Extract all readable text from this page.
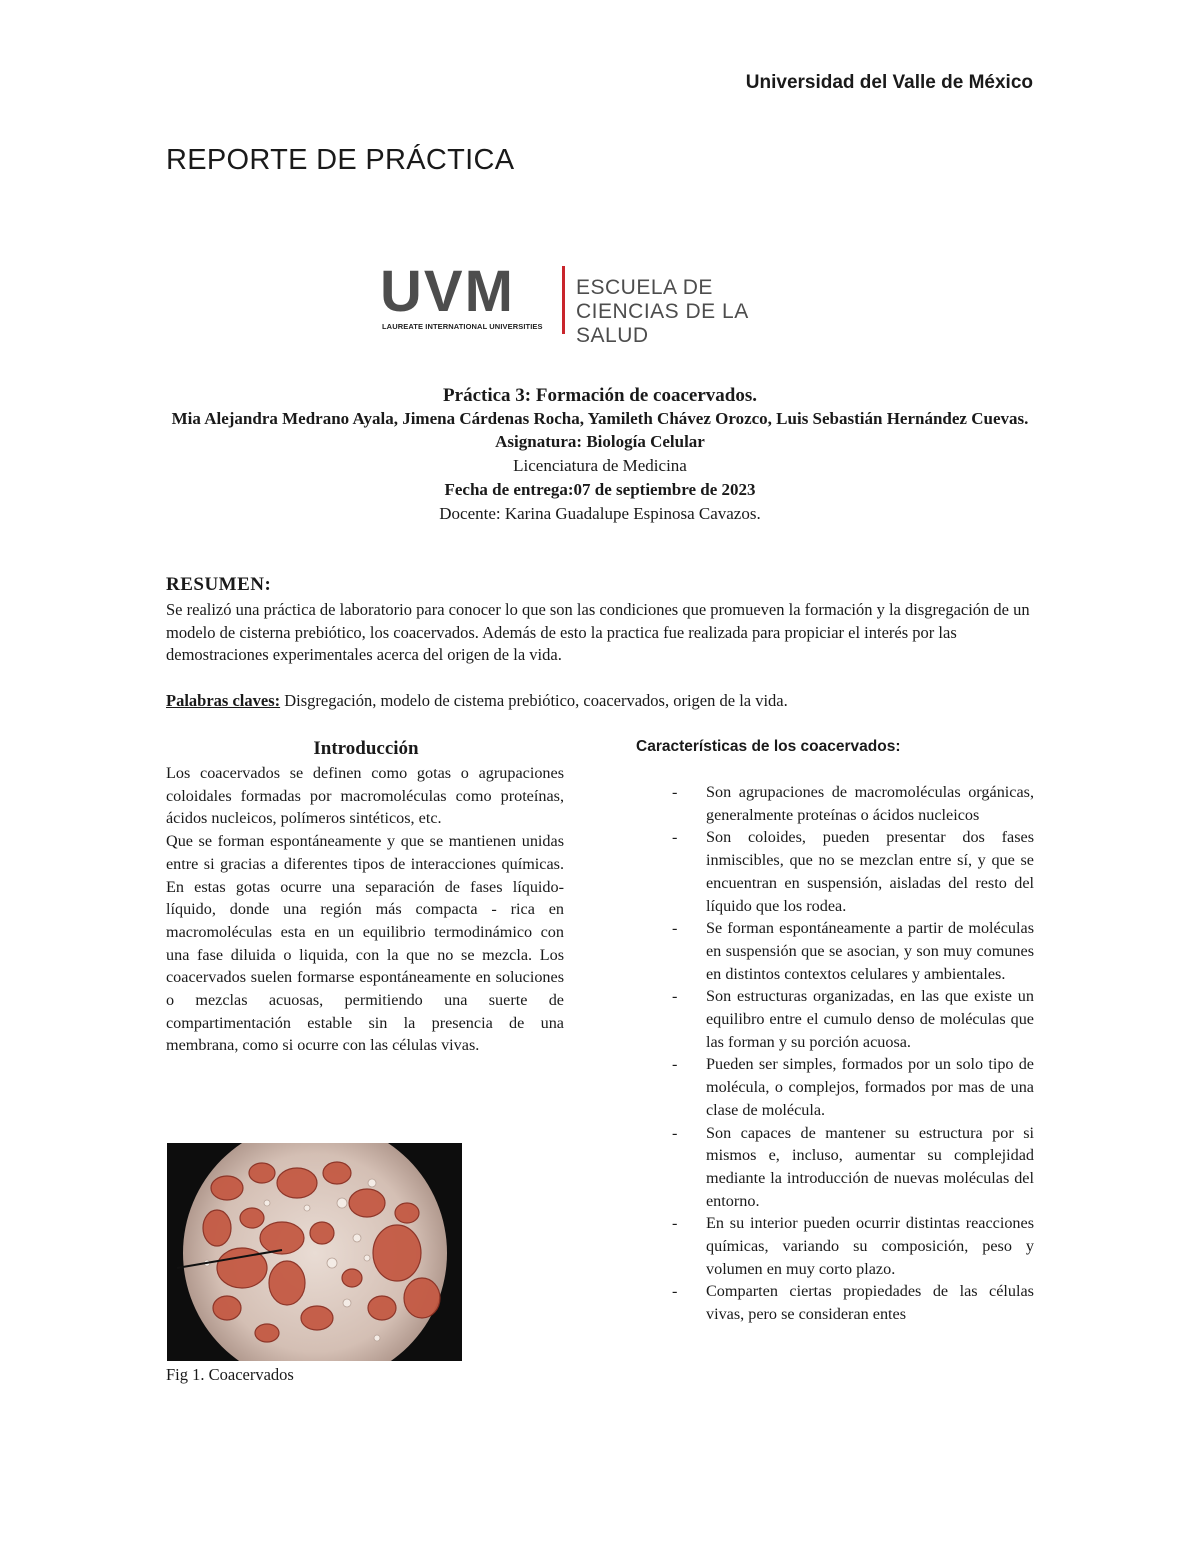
Universidad del Valle de México
REPORTE DE PRÁCTICA
UVM
LAUREATE INTERNATIONAL UNIVERSITIES
ESCUELA DE
CIENCIAS DE LA SALUD
Práctica 3: Formación de coacervados.
Mia Alejandra Medrano Ayala, Jimena Cárdenas Rocha, Yamileth Chávez Orozco, Luis Sebastián Hernández Cuevas.
Asignatura: Biología Celular
Licenciatura de Medicina
Fecha de entrega:07 de septiembre de 2023
Docente: Karina Guadalupe Espinosa Cavazos.
RESUMEN:
Se realizó una práctica de laboratorio para conocer lo que son las condiciones que promueven la formación y la disgregación de un modelo de cisterna prebiótico, los coacervados. Además de esto la practica fue realizada para propiciar el interés por las demostraciones experimentales acerca del origen de la vida.
Palabras claves: Disgregación, modelo de cistema prebiótico, coacervados, origen de la vida.
Introducción

Los coacervados se definen como gotas o agrupaciones coloidales formadas por macromoléculas como proteínas, ácidos nucleicos, polímeros sintéticos, etc.

Que se forman espontáneamente y que se mantienen unidas entre si gracias a diferentes tipos de interacciones químicas. En estas gotas ocurre una separación de fases líquido-líquido, donde una región más compacta - rica en macromoléculas esta en un equilibrio termodinámico con una fase diluida o liquida, con la que no se mezcla. Los coacervados suelen formarse espontáneamente en soluciones o mezclas acuosas, permitiendo una suerte de compartimentación estable sin la presencia de una membrana, como si ocurre con las células vivas.

Fig 1. Coacervados
Características de los coacervados:
- Son agrupaciones de macromoléculas orgánicas, generalmente proteínas o ácidos nucleicos
- Son coloides, pueden presentar dos fases inmiscibles, que no se mezclan entre sí, y que se encuentran en suspensión, aisladas del resto del líquido que los rodea.
- Se forman espontáneamente a partir de moléculas en suspensión que se asocian, y son muy comunes en distintos contextos celulares y ambientales.
- Son estructuras organizadas, en las que existe un equilibro entre el cumulo denso de moléculas que las forman y su porción acuosa.
- Pueden ser simples, formados por un solo tipo de molécula, o complejos, formados por mas de una clase de molécula.
- Son capaces de mantener su estructura por si mismos e, incluso, aumentar su complejidad mediante la introducción de nuevas moléculas del entorno.
- En su interior pueden ocurrir distintas reacciones químicas, variando su composición, peso y volumen en muy corto plazo.
- Comparten ciertas propiedades de las células vivas, pero se consideran entes
